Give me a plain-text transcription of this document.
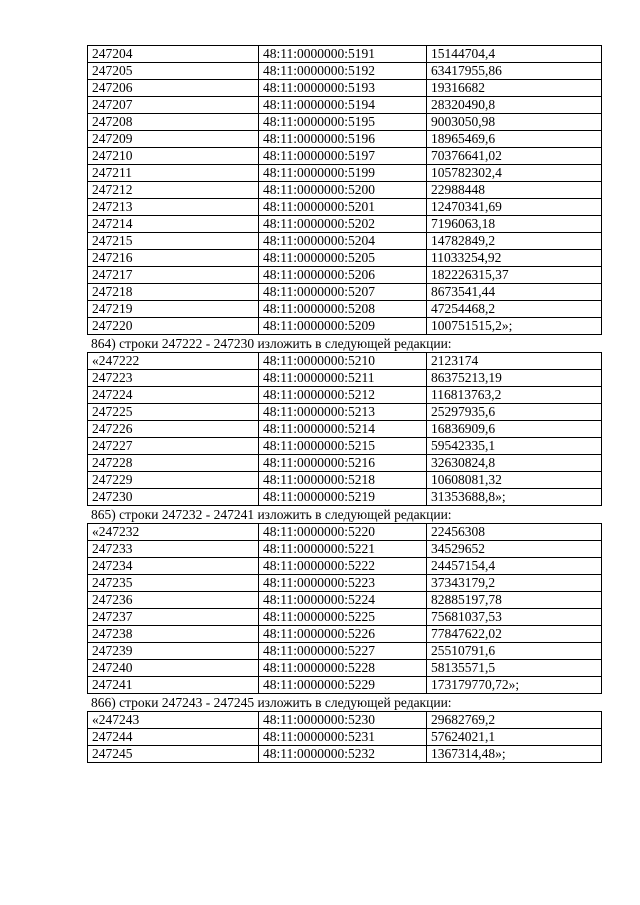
247204	48:11:0000000:5191	15144704,4
247205	48:11:0000000:5192	63417955,86
247206	48:11:0000000:5193	19316682
247207	48:11:0000000:5194	28320490,8
247208	48:11:0000000:5195	9003050,98
247209	48:11:0000000:5196	18965469,6
247210	48:11:0000000:5197	70376641,02
247211	48:11:0000000:5199	105782302,4
247212	48:11:0000000:5200	22988448
247213	48:11:0000000:5201	12470341,69
247214	48:11:0000000:5202	7196063,18
247215	48:11:0000000:5204	14782849,2
247216	48:11:0000000:5205	11033254,92
247217	48:11:0000000:5206	182226315,37
247218	48:11:0000000:5207	8673541,44
247219	48:11:0000000:5208	47254468,2
247220	48:11:0000000:5209	100751515,2»;
864) строки 247222 - 247230 изложить в следующей редакции:
«247222	48:11:0000000:5210	2123174
247223	48:11:0000000:5211	86375213,19
247224	48:11:0000000:5212	116813763,2
247225	48:11:0000000:5213	25297935,6
247226	48:11:0000000:5214	16836909,6
247227	48:11:0000000:5215	59542335,1
247228	48:11:0000000:5216	32630824,8
247229	48:11:0000000:5218	10608081,32
247230	48:11:0000000:5219	31353688,8»;
865) строки 247232 - 247241 изложить в следующей редакции:
«247232	48:11:0000000:5220	22456308
247233	48:11:0000000:5221	34529652
247234	48:11:0000000:5222	24457154,4
247235	48:11:0000000:5223	37343179,2
247236	48:11:0000000:5224	82885197,78
247237	48:11:0000000:5225	75681037,53
247238	48:11:0000000:5226	77847622,02
247239	48:11:0000000:5227	25510791,6
247240	48:11:0000000:5228	58135571,5
247241	48:11:0000000:5229	173179770,72»;
866) строки 247243 - 247245 изложить в следующей редакции:
«247243	48:11:0000000:5230	29682769,2
247244	48:11:0000000:5231	57624021,1
247245	48:11:0000000:5232	1367314,48»;
